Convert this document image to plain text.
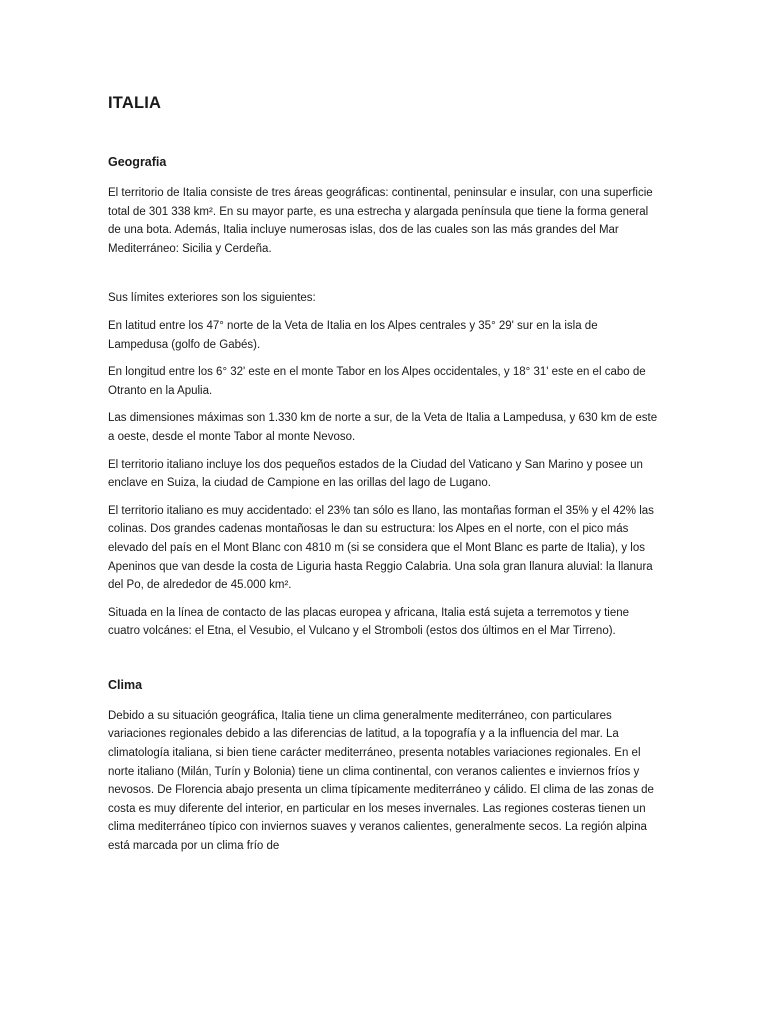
ITALIA
Geografia

El territorio de Italia consiste de tres áreas geográficas: continental, peninsular e insular, con una superficie total de 301 338 km². En su mayor parte, es una estrecha y alargada península que tiene la forma general de una bota. Además, Italia incluye numerosas islas, dos de las cuales son las más grandes del Mar Mediterráneo: Sicilia y Cerdeña.

Sus límites exteriores son los siguientes:

En latitud entre los 47° norte de la Veta de Italia en los Alpes centrales y 35° 29' sur en la isla de Lampedusa (golfo de Gabés).

En longitud entre los 6° 32' este en el monte Tabor en los Alpes occidentales, y 18° 31' este en el cabo de Otranto en la Apulia.

Las dimensiones máximas son 1.330 km de norte a sur, de la Veta de Italia a Lampedusa, y 630 km de este a oeste, desde el monte Tabor al monte Nevoso.

El territorio italiano incluye los dos pequeños estados de la Ciudad del Vaticano y San Marino y posee un enclave en Suiza, la ciudad de Campione en las orillas del lago de Lugano.

El territorio italiano es muy accidentado: el 23% tan sólo es llano, las montañas forman el 35% y el 42% las colinas. Dos grandes cadenas montañosas le dan su estructura: los Alpes en el norte, con el pico más elevado del país en el Mont Blanc con 4810 m (si se considera que el Mont Blanc es parte de Italia), y los Apeninos que van desde la costa de Liguria hasta Reggio Calabria. Una sola gran llanura aluvial: la llanura del Po, de alrededor de 45.000 km².

Situada en la línea de contacto de las placas europea y africana, Italia está sujeta a terremotos y tiene cuatro volcánes: el Etna, el Vesubio, el Vulcano y el Stromboli (estos dos últimos en el Mar Tirreno).

Clima

Debido a su situación geográfica, Italia tiene un clima generalmente mediterráneo, con particulares variaciones regionales debido a las diferencias de latitud, a la topografía y a la influencia del mar. La climatología italiana, si bien tiene carácter mediterráneo, presenta notables variaciones regionales. En el norte italiano (Milán, Turín y Bolonia) tiene un clima continental, con veranos calientes e inviernos fríos y nevosos. De Florencia abajo presenta un clima típicamente mediterráneo y cálido. El clima de las zonas de costa es muy diferente del interior, en particular en los meses invernales. Las regiones costeras tienen un clima mediterráneo típico con inviernos suaves y veranos calientes, generalmente secos. La región alpina está marcada por un clima frío de
